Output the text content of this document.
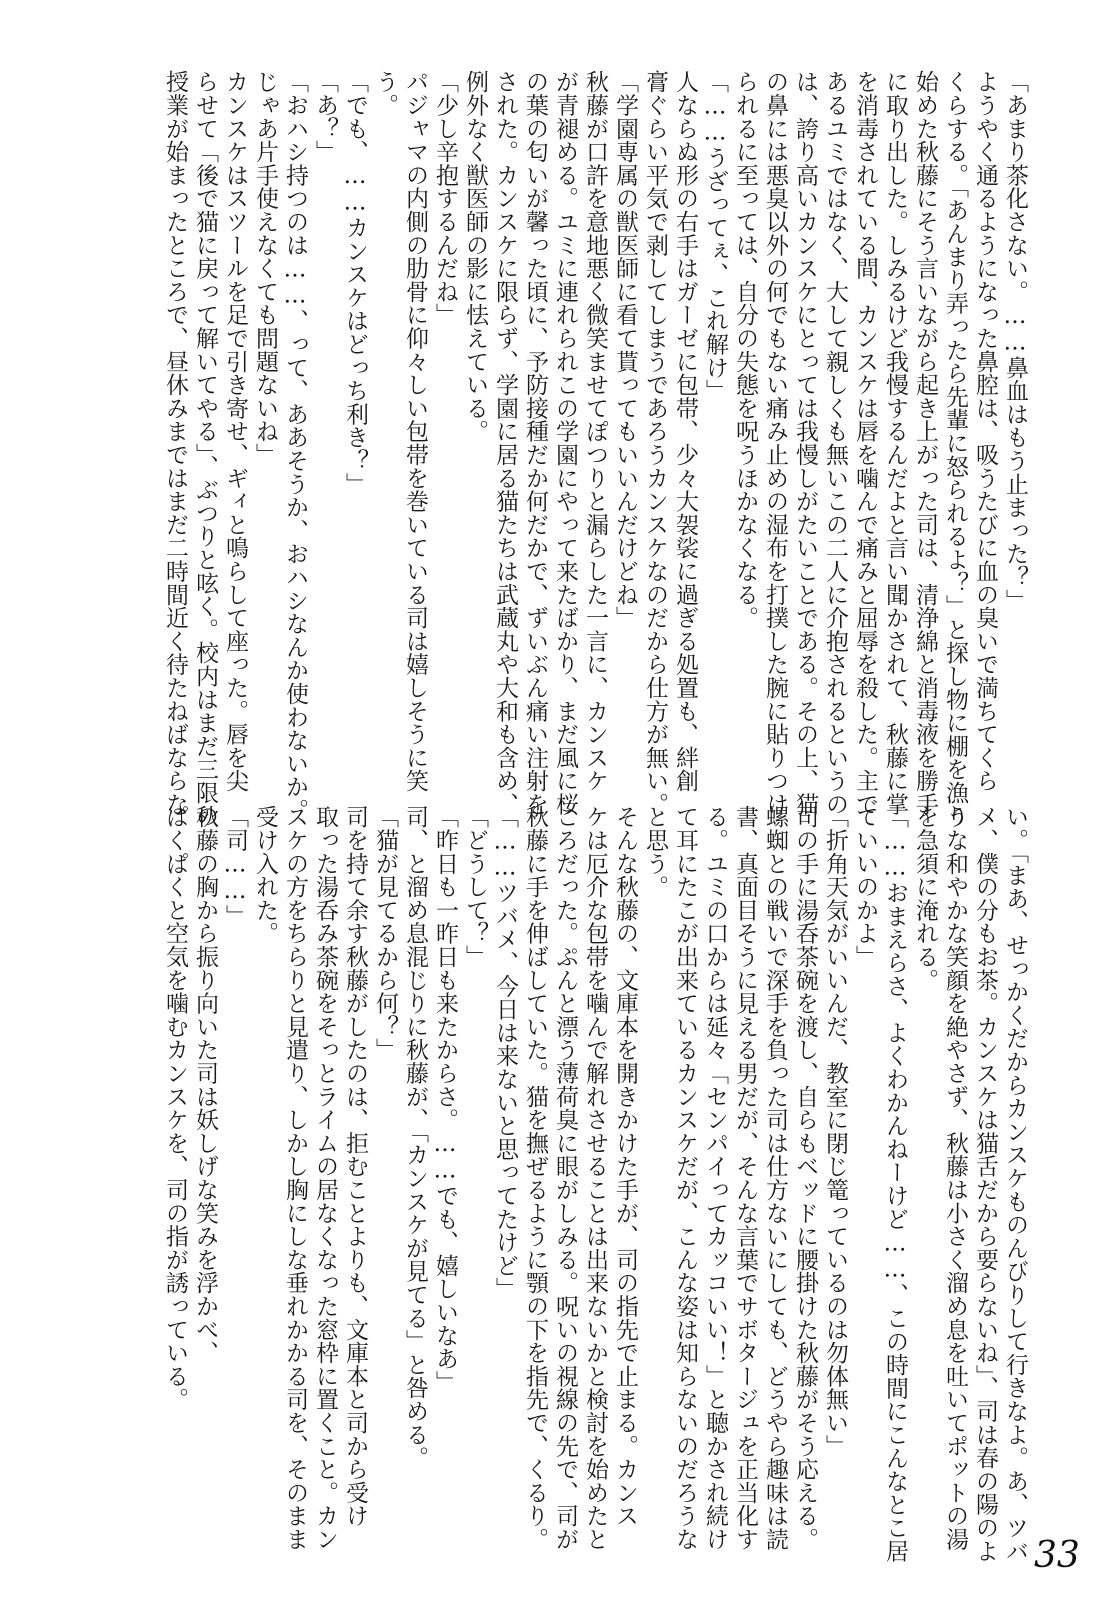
「あまり茶化さない。……鼻血はもう止まった？」

ようやく通るようになった鼻腔は、吸うたびに血の臭いで満ちてくら

くらする。「あんまり弄ったら先輩に怒られるよ？」と探し物に棚を漁り

始めた秋藤にそう言いながら起き上がった司は、清浄綿と消毒液を勝手

に取り出した。しみるけど我慢するんだよと言い聞かされて、秋藤に掌

を消毒されている間、カンスケは唇を噛んで痛みと屈辱を殺した。主で

あるユミではなく、大して親しくも無いこの二人に介抱されるというの

は、誇り高いカンスケにとっては我慢しがたいことである。その上、猫

の鼻には悪臭以外の何でもない痛み止めの湿布を打撲した腕に貼りつけ

られるに至っては、自分の失態を呪うほかなくなる。

「……うざってぇ、これ解け」

人ならぬ形の右手はガーゼに包帯、少々大袈裟に過ぎる処置も、絆創

膏ぐらい平気で剥してしまうであろうカンスケなのだから仕方が無い。

「学園専属の獣医師に看て貰ってもいいんだけどね」

秋藤が口許を意地悪く微笑ませてぽつりと漏らした一言に、カンスケ

が青褪める。ユミに連れられこの学園にやって来たばかり、まだ風に桜

の葉の匂いが馨った頃に、予防接種だか何だかで、ずいぶん痛い注射を

された。カンスケに限らず、学園に居る猫たちは武蔵丸や大和も含め、

例外なく獣医師の影に怯えている。

「少し辛抱するんだね」

パジャマの内側の肋骨に仰々しい包帯を巻いている司は嬉しそうに笑

う。

「でも、……カンスケはどっち利き？」

「あ？」

「おハシ持つのは……、って、ああそうか、おハシなんか使わないか。

じゃあ片手使えなくても問題ないね」

カンスケはスツールを足で引き寄せ、ギィと鳴らして座った。唇を尖

らせて「後で猫に戻って解いてやる」、ぶつりと呟く。校内はまだ三限の

授業が始まったところで、昼休みまではまだ二時間近く待たねばならな

い。「まあ、せっかくだからカンスケものんびりして行きなよ。あ、ツバ

メ、僕の分もお茶。カンスケは猫舌だから要らないね」、司は春の陽のよ

うな和やかな笑顔を絶やさず、秋藤は小さく溜め息を吐いてポットの湯

を急須に淹れる。

「……おまえらさ、よくわかんねーけど……、この時間にこんなとこ居

ていいのかよ」

「折角天気がいいんだ、教室に閉じ篭っているのは勿体無い」

司の手に湯呑茶碗を渡し、自らもベッドに腰掛けた秋藤がそう応える。

螺蜘との戦いで深手を負った司は仕方ないにしても、どうやら趣味は読

書、真面目そうに見える男だが、そんな言葉でサボタージュを正当化す

る。ユミの口からは延々「センパイってカッコいい！」と聴かされ続け

て耳にたこが出来ているカンスケだが、こんな姿は知らないのだろうな

と思う。

そんな秋藤の、文庫本を開きかけた手が、司の指先で止まる。カンス

ケは厄介な包帯を噛んで解れさせることは出来ないかと検討を始めたと

ころだった。ぷんと漂う薄荷臭に眼がしみる。呪いの視線の先で、司が

秋藤に手を伸ばしていた。猫を撫ぜるように顎の下を指先で、くるり。

「……ツバメ、今日は来ないと思ってたけど」

「どうして？」

「昨日も一昨日も来たからさ。……でも、嬉しいなあ」

司、と溜め息混じりに秋藤が、「カンスケが見てる」と咎める。

「猫が見てるから何？」

司を持て余す秋藤がしたのは、拒むことよりも、文庫本と司から受け

取った湯呑み茶碗をそっとライムの居なくなった窓枠に置くこと。カン

スケの方をちらりと見遣り、しかし胸にしな垂れかかる司を、そのまま

受け入れた。

「司……」

秋藤の胸から振り向いた司は妖しげな笑みを浮かべ、

ぱくぱくと空気を噛むカンスケを、司の指が誘っている。

33
